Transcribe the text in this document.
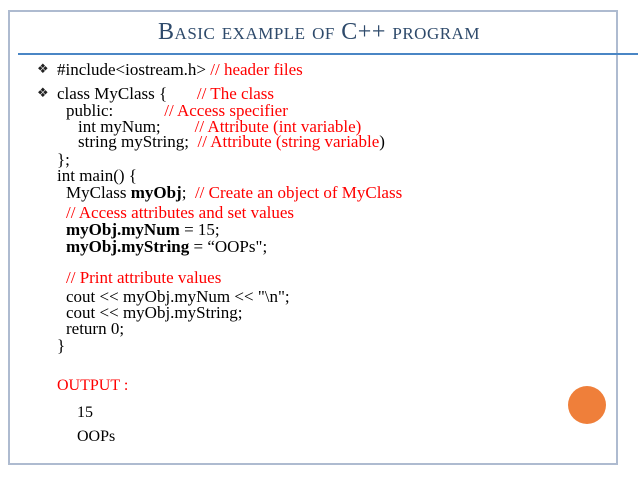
Basic example of C++ program
❖
❖
#include<iostream.h> // header files
class MyClass {       // The class
public:            // Access specifier
int myNum;        // Attribute (int variable)
string myString;  // Attribute (string variable)
};
int main() {
MyClass myObj;  // Create an object of MyClass
// Access attributes and set values
myObj.myNum = 15;
myObj.myString = “OOPs";
// Print attribute values
cout << myObj.myNum << "\n";
cout << myObj.myString;
return 0;
}
OUTPUT :
15
OOPs
